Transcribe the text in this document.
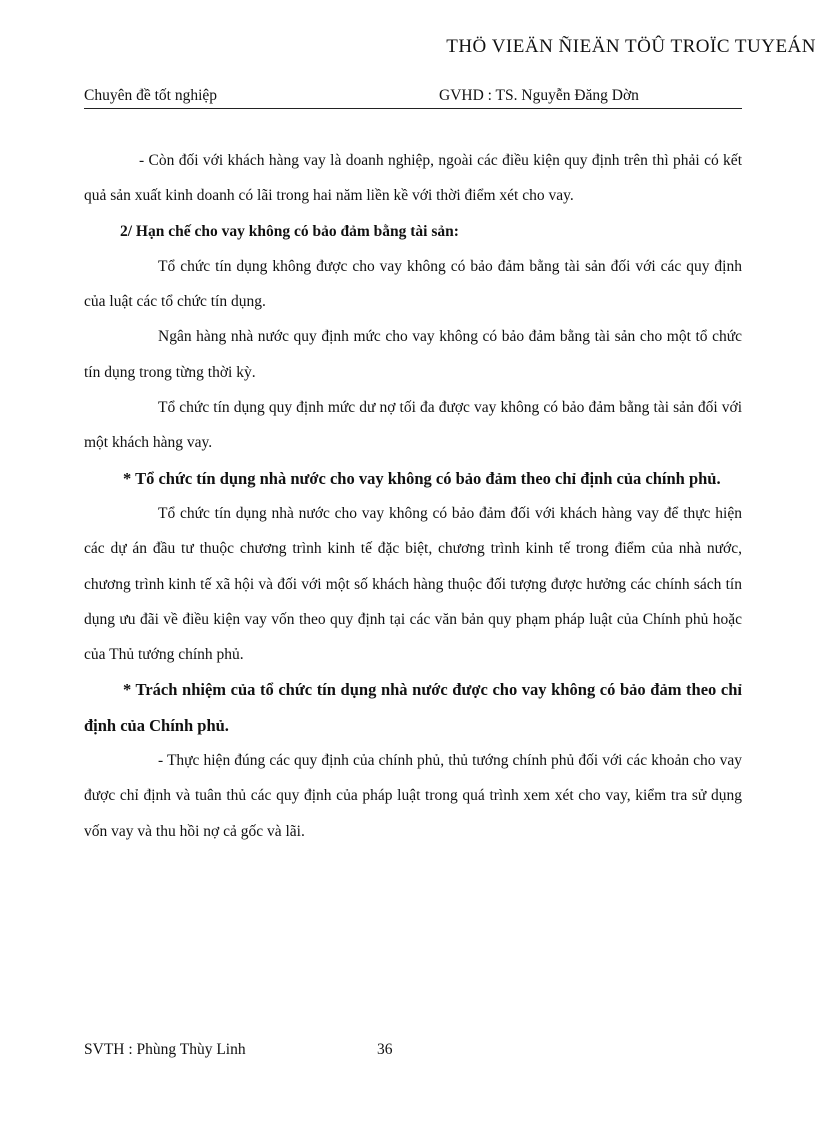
THÖ VIEÄN ÑIEÄN TÖÛ TROÏC TUYEÁN
Chuyên đề tốt nghiệp	GVHD : TS. Nguyễn Đăng Dờn

- Còn đối với khách hàng vay là doanh nghiệp, ngoài các điều kiện quy định trên thì phải có kết quả sản xuất kinh doanh có lãi trong hai năm liền kề với thời điểm xét cho vay.

2/ Hạn chế cho vay không có bảo đảm bằng tài sản:

Tổ chức tín dụng không được cho vay không có bảo đảm bằng tài sản đối với các quy định của luật các tổ chức tín dụng.

Ngân hàng nhà nước quy định mức cho vay không có bảo đảm bằng tài sản cho một tổ chức tín dụng trong từng thời kỳ.

Tổ chức tín dụng quy định mức dư nợ tối đa được vay không có bảo đảm bằng tài sản đối với một khách hàng vay.

* Tổ chức tín dụng nhà nước cho vay không có bảo đảm theo chỉ định của chính phủ.

Tổ chức tín dụng nhà nước cho vay không có bảo đảm đối với khách hàng vay để thực hiện các dự án đầu tư thuộc chương trình kinh tế đặc biệt, chương trình kinh tế trong điểm của nhà nước, chương trình kinh tế xã hội và đối với một số khách hàng thuộc đối tượng được hưởng các chính sách tín dụng ưu đãi về điều kiện vay vốn theo quy định tại các văn bản quy phạm pháp luật của Chính phủ hoặc của Thủ tướng chính phủ.

* Trách nhiệm của tổ chức tín dụng nhà nước được cho vay không có bảo đảm theo chỉ định của Chính phủ.

- Thực hiện đúng các quy định của chính phủ, thủ tướng chính phủ đối với các khoản cho vay được chỉ định và tuân thủ các quy định của pháp luật trong quá trình xem xét cho vay, kiểm tra sử dụng vốn vay và thu hồi nợ cả gốc và lãi.

SVTH : Phùng Thùy Linh	36
